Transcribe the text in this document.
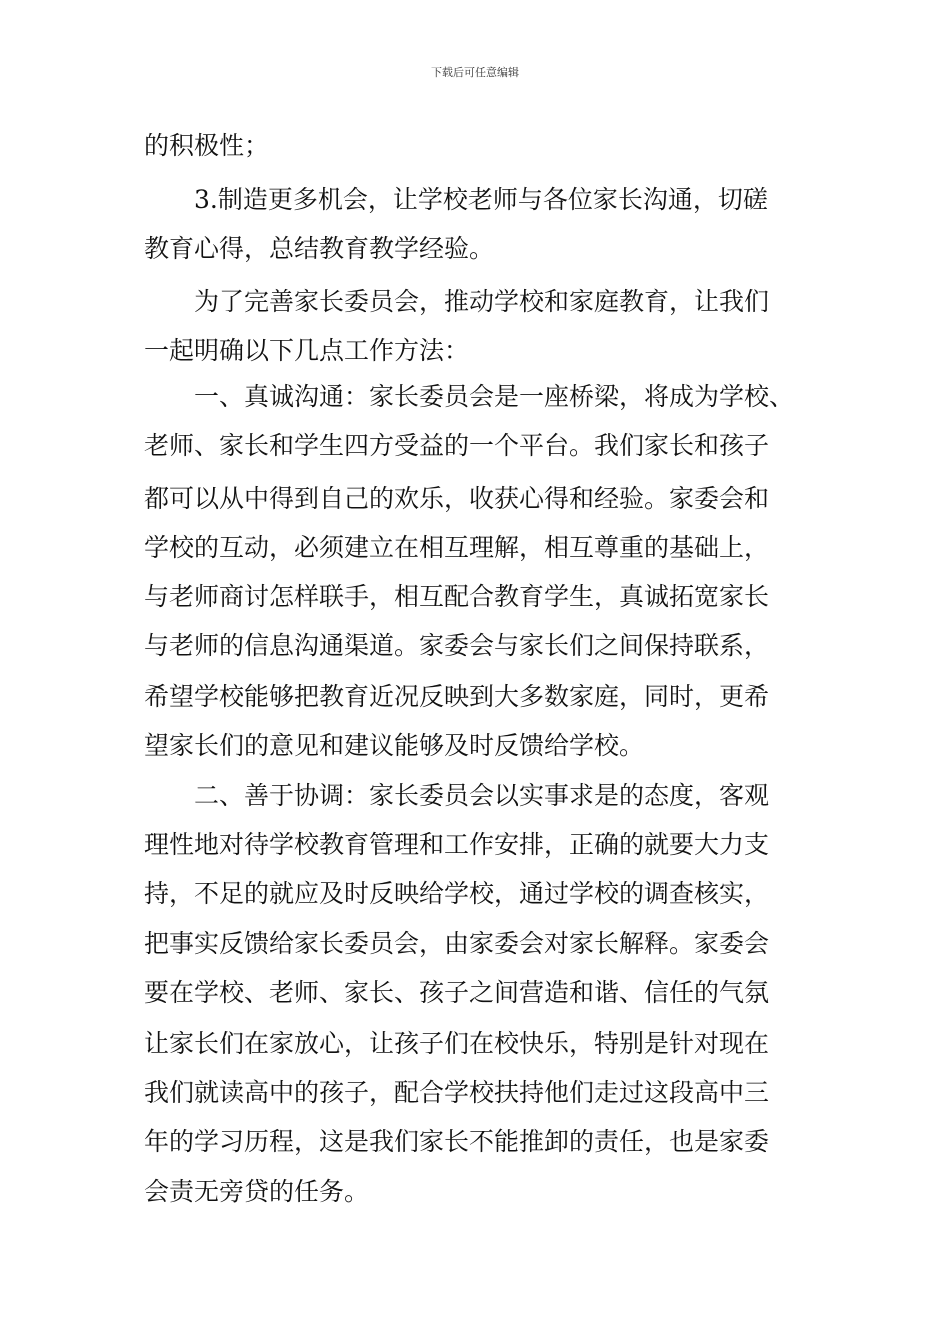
下载后可任意编辑
的积极性；
3.制造更多机会，让学校老师与各位家长沟通，切磋
教育心得，总结教育教学经验。
为了完善家长委员会，推动学校和家庭教育，让我们
一起明确以下几点工作方法：
一、真诚沟通：家长委员会是一座桥梁，将成为学校、
老师、家长和学生四方受益的一个平台。我们家长和孩子
都可以从中得到自己的欢乐，收获心得和经验。家委会和
学校的互动，必须建立在相互理解，相互尊重的基础上，
与老师商讨怎样联手，相互配合教育学生，真诚拓宽家长
与老师的信息沟通渠道。家委会与家长们之间保持联系，
希望学校能够把教育近况反映到大多数家庭，同时，更希
望家长们的意见和建议能够及时反馈给学校。
二、善于协调：家长委员会以实事求是的态度，客观
理性地对待学校教育管理和工作安排，正确的就要大力支
持，不足的就应及时反映给学校，通过学校的调查核实，
把事实反馈给家长委员会，由家委会对家长解释。家委会
要在学校、老师、家长、孩子之间营造和谐、信任的气氛
让家长们在家放心，让孩子们在校快乐，特别是针对现在
我们就读高中的孩子，配合学校扶持他们走过这段高中三
年的学习历程，这是我们家长不能推卸的责任，也是家委
会责无旁贷的任务。
